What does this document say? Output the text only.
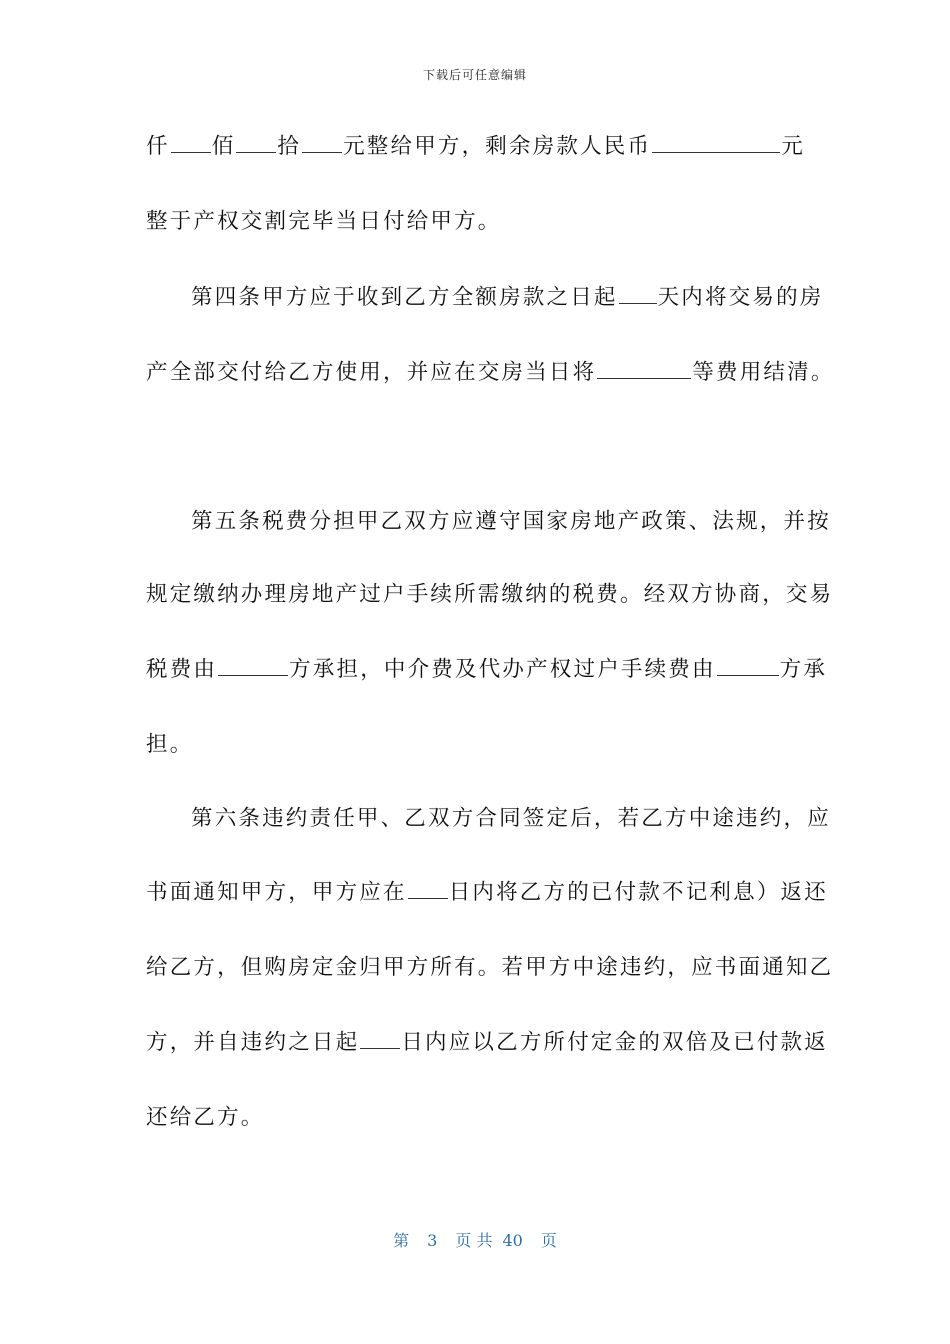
下载后可任意编辑
仟 佰 拾 元整给甲方，剩余房款人民币	元
整于产权交割完毕当日付给甲方。
第四条甲方应于收到乙方全额房款之日起 天内将交易的房
产全部交付给乙方使用，并应在交房当日将	等费用结清。
第五条税费分担甲乙双方应遵守国家房地产政策、法规，并按
规定缴纳办理房地产过户手续所需缴纳的税费。经双方协商，交易
税费由	方承担，中介费及代办产权过户手续费由	方承
担。
第六条违约责任甲、乙双方合同签定后，若乙方中途违约，应
书面通知甲方，甲方应在 日内将乙方的已付款不记利息）返还
给乙方，但购房定金归甲方所有。若甲方中途违约，应书面通知乙
方，并自违约之日起 日内应以乙方所付定金的双倍及已付款返
还给乙方。
第 3 页 共 40 页
